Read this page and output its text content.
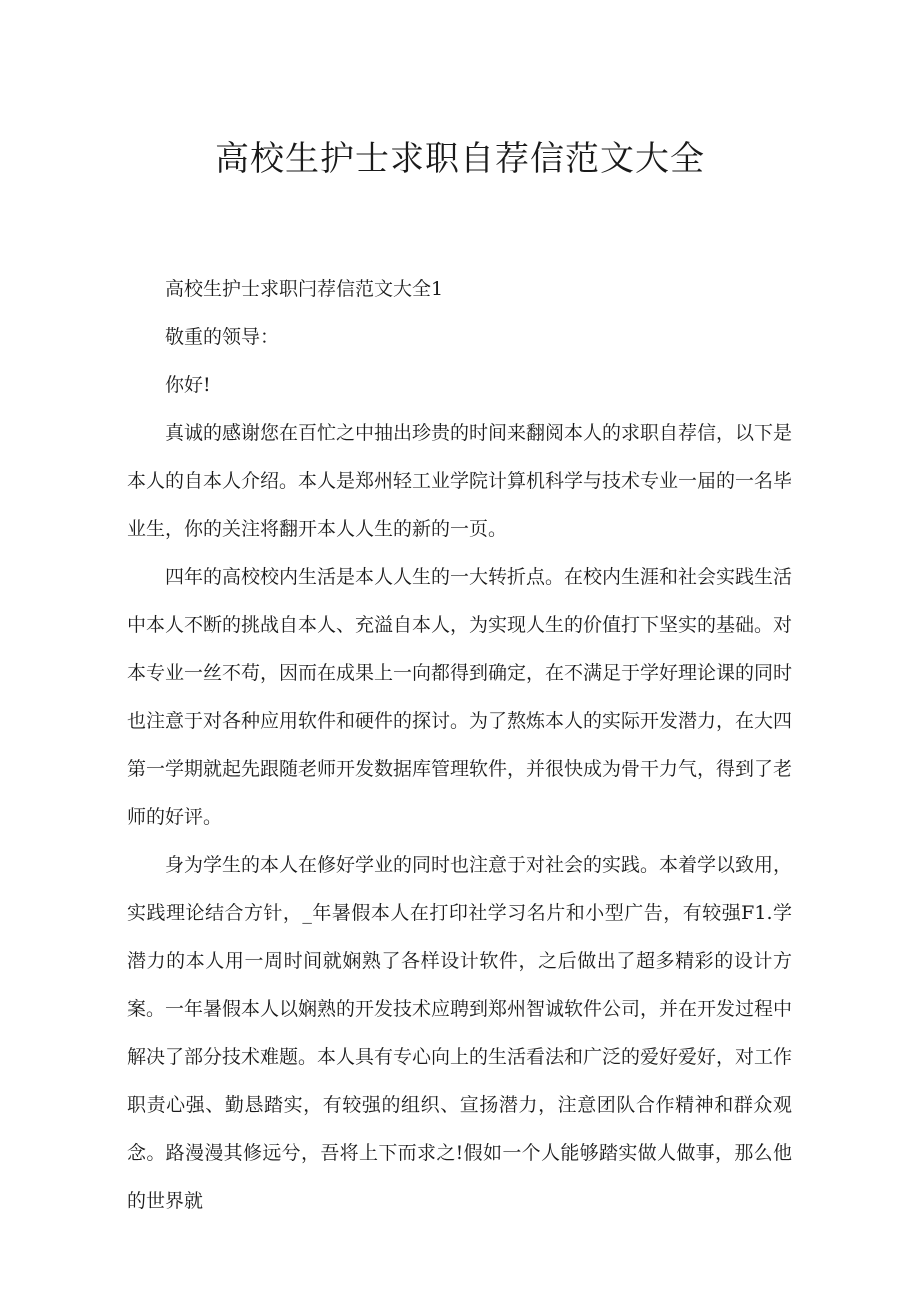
高校生护士求职自荐信范文大全

高校生护士求职闩荐信范文大全1

敬重的领导：

你好!

真诚的感谢您在百忙之中抽出珍贵的时间来翻阅本人的求职自荐信，以下是本人的自本人介绍。本人是郑州轻工业学院计算机科学与技术专业一届的一名毕业生，你的关注将翻开本人人生的新的一页。

四年的高校校内生活是本人人生的一大转折点。在校内生涯和社会实践生活中本人不断的挑战自本人、充溢自本人，为实现人生的价值打下坚实的基础。对本专业一丝不苟，因而在成果上一向都得到确定，在不满足于学好理论课的同时也注意于对各种应用软件和硬件的探讨。为了熬炼本人的实际开发潜力，在大四第一学期就起先跟随老师开发数据库管理软件，并很快成为骨干力气，得到了老师的好评。

身为学生的本人在修好学业的同时也注意于对社会的实践。本着学以致用，实践理论结合方针，_年暑假本人在打印社学习名片和小型广告，有较强F1.学潜力的本人用一周时间就娴熟了各样设计软件，之后做出了超多精彩的设计方案。一年暑假本人以娴熟的开发技术应聘到郑州智诚软件公司，并在开发过程中解决了部分技术难题。本人具有专心向上的生活看法和广泛的爱好爱好，对工作职责心强、勤恳踏实，有较强的组织、宣扬潜力，注意团队合作精神和群众观念。路漫漫其修远兮，吾将上下而求之!假如一个人能够踏实做人做事，那么他的世界就
